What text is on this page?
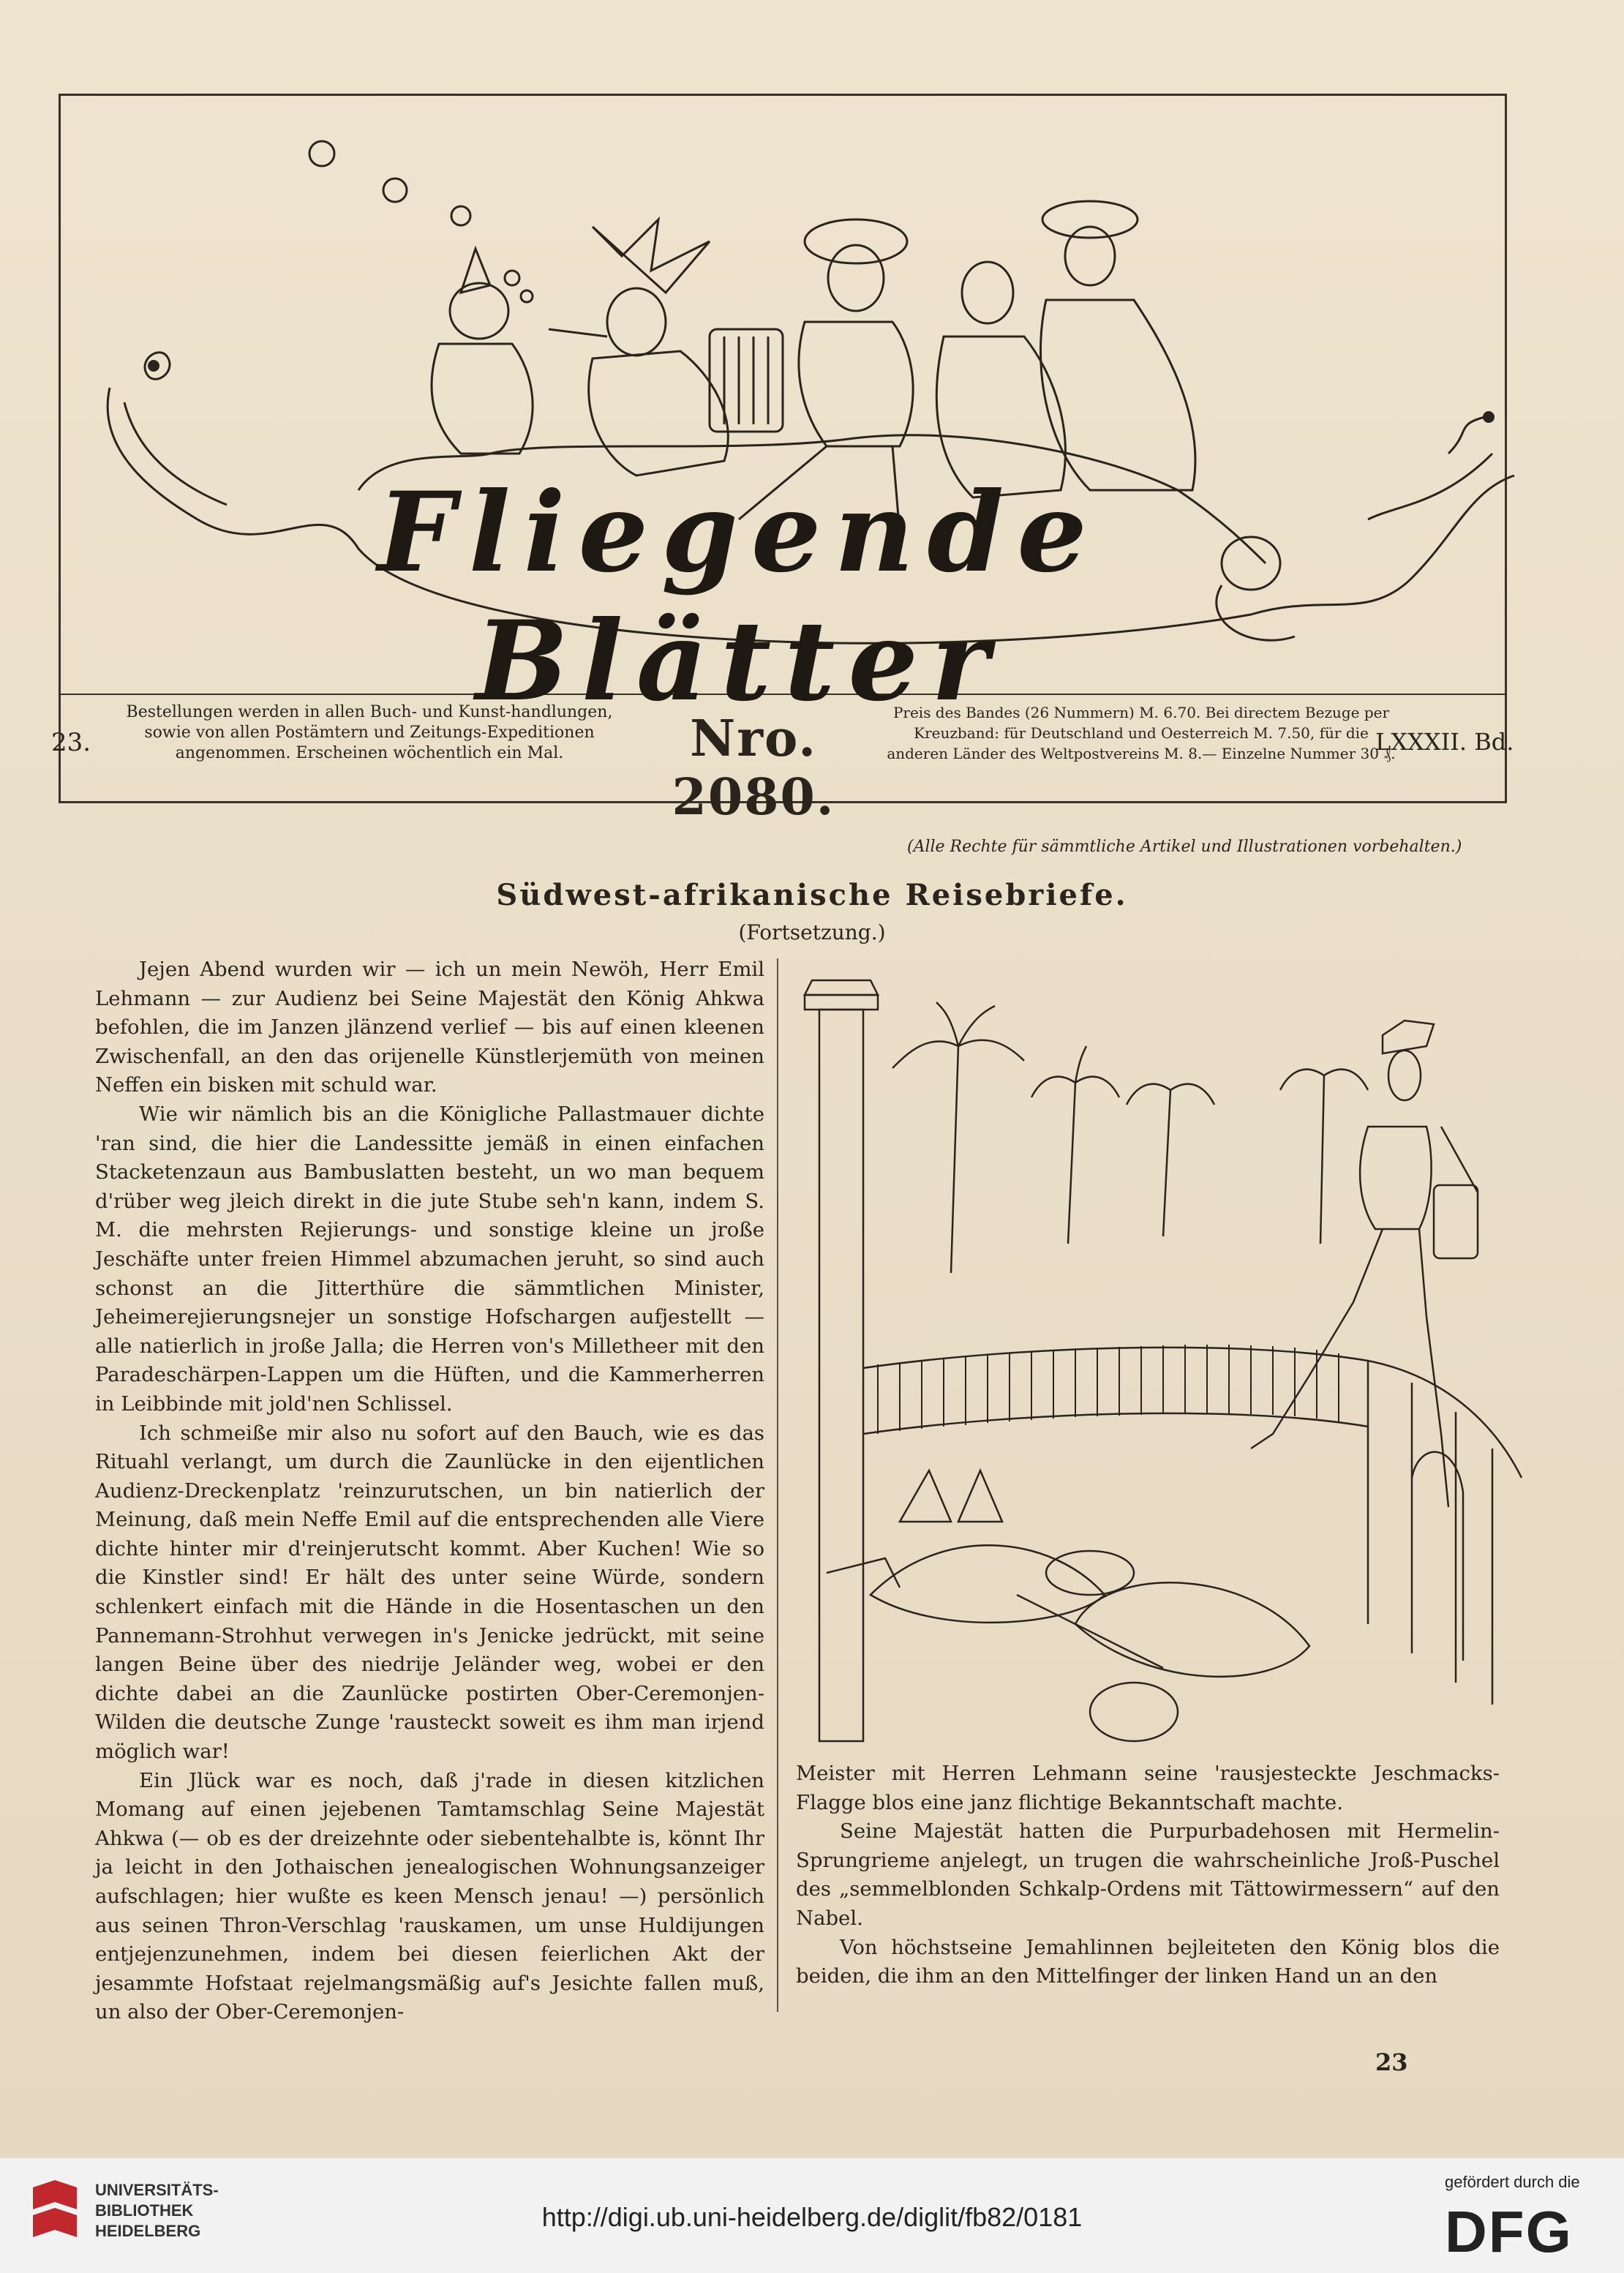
Fliegende Blätter
23.
Bestellungen werden in allen Buch- und Kunst-handlungen, sowie von allen Postämtern und Zeitungs-Expeditionen angenommen. Erscheinen wöchentlich ein Mal.	Nro. 2080.
Preis des Bandes (26 Nummern) M. 6.70. Bei directem Bezuge per Kreuzband: für Deutschland und Oesterreich M. 7.50, für die anderen Länder des Weltpostvereins M. 8.— Einzelne Nummer 30 ₰.
LXXXII. Bd.
(Alle Rechte für sämmtliche Artikel und Illustrationen vorbehalten.)
Südwest-afrikanische Reisebriefe.
(Fortsetzung.)

Jejen Abend wurden wir — ich un mein Newöh, Herr Emil Lehmann — zur Audienz bei Seine Majestät den König Ahkwa befohlen, die im Janzen jlänzend verlief — bis auf einen kleenen Zwischenfall, an den das orijenelle Künstlerjemüth von meinen Neffen ein bisken mit schuld war.

Wie wir nämlich bis an die Königliche Pallastmauer dichte 'ran sind, die hier die Landessitte jemäß in einen einfachen Stacketenzaun aus Bambuslatten besteht, un wo man bequem d'rüber weg jleich direkt in die jute Stube seh'n kann, indem S. M. die mehrsten Rejierungs- und sonstige kleine un jroße Jeschäfte unter freien Himmel abzumachen jeruht, so sind auch schonst an die Jitterthüre die sämmtlichen Minister, Jeheimerejierungsnejer un sonstige Hofschargen aufjestellt — alle natierlich in jroße Jalla; die Herren von's Milletheer mit den Paradeschärpen-Lappen um die Hüften, und die Kammerherren in Leibbinde mit jold'nen Schlissel.

Ich schmeiße mir also nu sofort auf den Bauch, wie es das Rituahl verlangt, um durch die Zaunlücke in den eijentlichen Audienz-Dreckenplatz 'reinzurutschen, un bin natierlich der Meinung, daß mein Neffe Emil auf die entsprechenden alle Viere dichte hinter mir d'reinjerutscht kommt. Aber Kuchen! Wie so die Kinstler sind! Er hält des unter seine Würde, sondern schlenkert einfach mit die Hände in die Hosentaschen un den Pannemann-Strohhut verwegen in's Jenicke jedrückt, mit seine langen Beine über des niedrije Jeländer weg, wobei er den dichte dabei an die Zaunlücke postirten Ober-Ceremonjen-Wilden die deutsche Zunge 'rausteckt soweit es ihm man irjend möglich war!

Ein Jlück war es noch, daß j'rade in diesen kitzlichen Momang auf einen jejebenen Tamtamschlag Seine Majestät Ahkwa (— ob es der dreizehnte oder siebentehalbte is, könnt Ihr ja leicht in den Jothaischen jenealogischen Wohnungsanzeiger aufschlagen; hier wußte es keen Mensch jenau! —) persönlich aus seinen Thron-Verschlag 'rauskamen, um unse Huldijungen entjejenzunehmen, indem bei diesen feierlichen Akt der jesammte Hofstaat rejelmangsmäßig auf's Jesichte fallen muß, un also der Ober-Ceremonjen-

Meister mit Herren Lehmann seine 'rausjesteckte Jeschmacks-Flagge blos eine janz flichtige Bekanntschaft machte.

Seine Majestät hatten die Purpurbadehosen mit Hermelin-Sprungrieme anjelegt, un trugen die wahrscheinliche Jroß-Puschel des „semmelblonden Schkalp-Ordens mit Tättowirmessern“ auf den Nabel.

Von höchstseine Jemahlinnen bejleiteten den König blos die beiden, die ihm an den Mittelfinger der linken Hand un an den

23
UNIVERSITÄTS-
BIBLIOTHEK
HEIDELBERG	http://digi.ub.uni-heidelberg.de/diglit/fb82/0181
gefördert durch die
DFG
